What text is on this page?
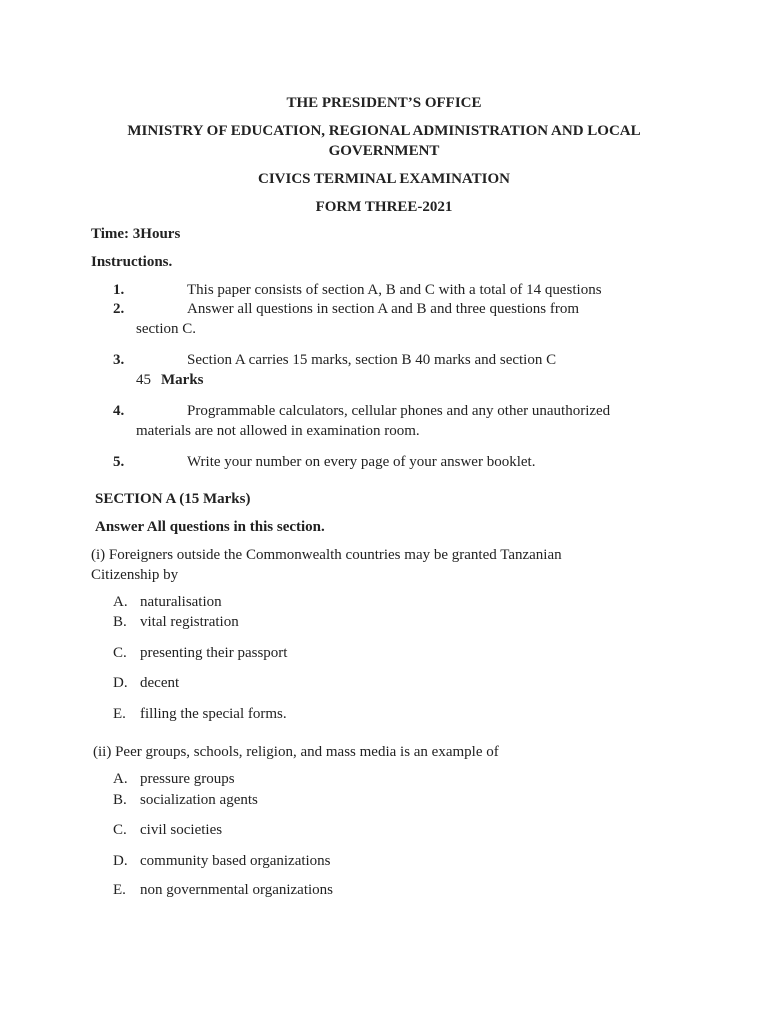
THE PRESIDENT’S OFFICE
MINISTRY OF EDUCATION, REGIONAL ADMINISTRATION AND LOCAL
GOVERNMENT
CIVICS TERMINAL EXAMINATION
FORM THREE-2021
Time: 3Hours
Instructions.
1.	This paper consists of section A, B and C with a total of 14 questions
2.	Answer all questions in section A and B and three questions from
section C.
3.	Section A carries 15 marks, section B 40 marks and section C
45 Marks
4.	Programmable calculators, cellular phones and any other unauthorized
materials are not allowed in examination room.
5.	Write your number on every page of your answer booklet.
SECTION A (15 Marks)
Answer All questions in this section.
(i) Foreigners outside the Commonwealth countries may be granted Tanzanian
Citizenship by
A. naturalisation
B. vital registration
C. presenting their passport
D. decent
E. filling the special forms.
(ii) Peer groups, schools, religion, and mass media is an example of
A. pressure groups
B. socialization agents
C. civil societies
D. community based organizations
E. non governmental organizations
